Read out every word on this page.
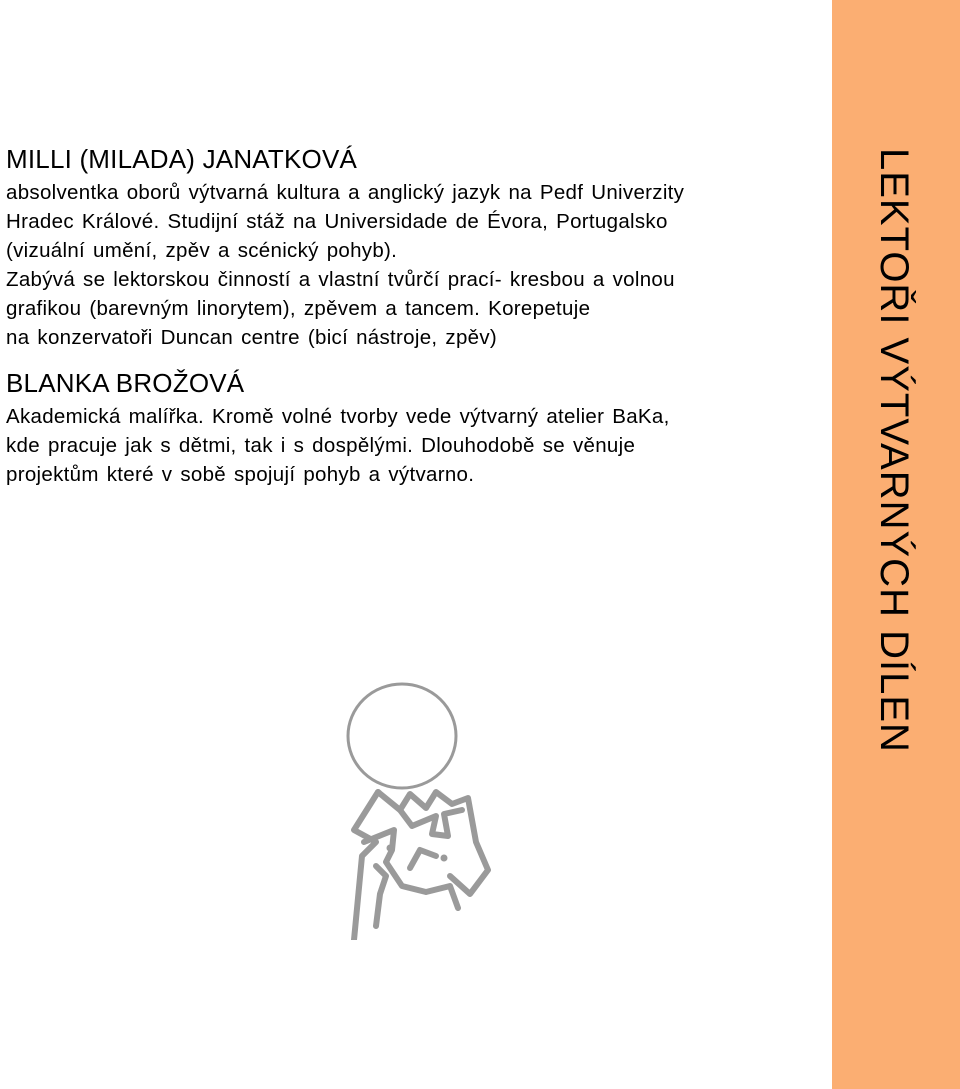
MILLI (MILADA) JANATKOVÁ

absolventka oborů výtvarná kultura a anglický jazyk na Pedf Univerzity
Hradec Králové. Studijní stáž na Universidade de Évora, Portugalsko
(vizuální umění, zpěv a scénický pohyb).
Zabývá se lektorskou činností a vlastní tvůrčí prací- kresbou a volnou
grafikou (barevným linorytem), zpěvem a tancem. Korepetuje
na konzervatoři Duncan centre (bicí nástroje, zpěv)

BLANKA BROŽOVÁ

Akademická malířka. Kromě volné tvorby vede výtvarný atelier BaKa,
kde pracuje jak s dětmi, tak i s dospělými. Dlouhodobě se věnuje
projektům které v sobě spojují pohyb a výtvarno.	LEKTOŘI VÝTVARNÝCH DÍLEN
